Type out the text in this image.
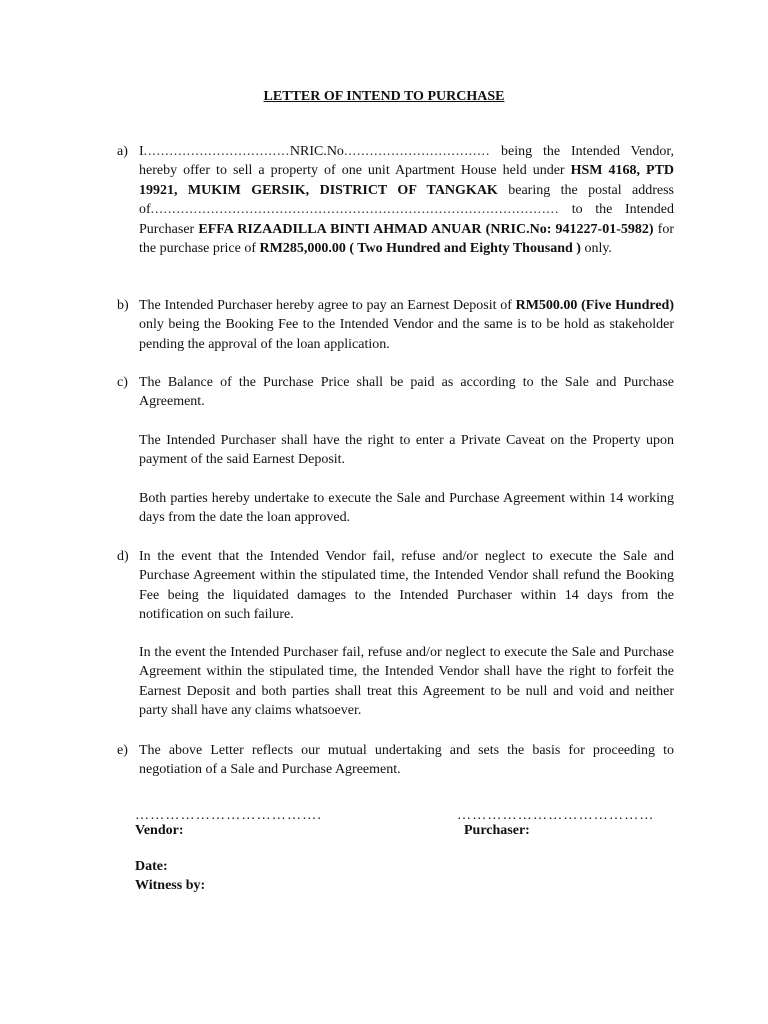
LETTER OF INTEND TO PURCHASE
a) I..................................NRIC.No.................................. being the Intended Vendor, hereby offer to sell a property of one unit Apartment House held under HSM 4168, PTD 19921, MUKIM GERSIK, DISTRICT OF TANGKAK bearing the postal address of............................................................................................... to the Intended Purchaser EFFA RIZAADILLA BINTI AHMAD ANUAR (NRIC.No: 941227-01-5982) for the purchase price of RM285,000.00 ( Two Hundred and Eighty Thousand ) only.

b) The Intended Purchaser hereby agree to pay an Earnest Deposit of RM500.00 (Five Hundred) only being the Booking Fee to the Intended Vendor and the same is to be hold as stakeholder pending the approval of the loan application.

c) The Balance of the Purchase Price shall be paid as according to the Sale and Purchase Agreement.

The Intended Purchaser shall have the right to enter a Private Caveat on the Property upon payment of the said Earnest Deposit.

Both parties hereby undertake to execute the Sale and Purchase Agreement within 14 working days from the date the loan approved.

d) In the event that the Intended Vendor fail, refuse and/or neglect to execute the Sale and Purchase Agreement within the stipulated time, the Intended Vendor shall refund the Booking Fee being the liquidated damages to the Intended Purchaser within 14 days from the notification on such failure.

In the event the Intended Purchaser fail, refuse and/or neglect to execute the Sale and Purchase Agreement within the stipulated time, the Intended Vendor shall have the right to forfeit the Earnest Deposit and both parties shall treat this Agreement to be null and void and neither party shall have any claims whatsoever.

e) The above Letter reflects our mutual undertaking and sets the basis for proceeding to negotiation of a Sale and Purchase Agreement.

……………………………….
Vendor:
…………………………………
Purchaser:
Date:
Witness by:
